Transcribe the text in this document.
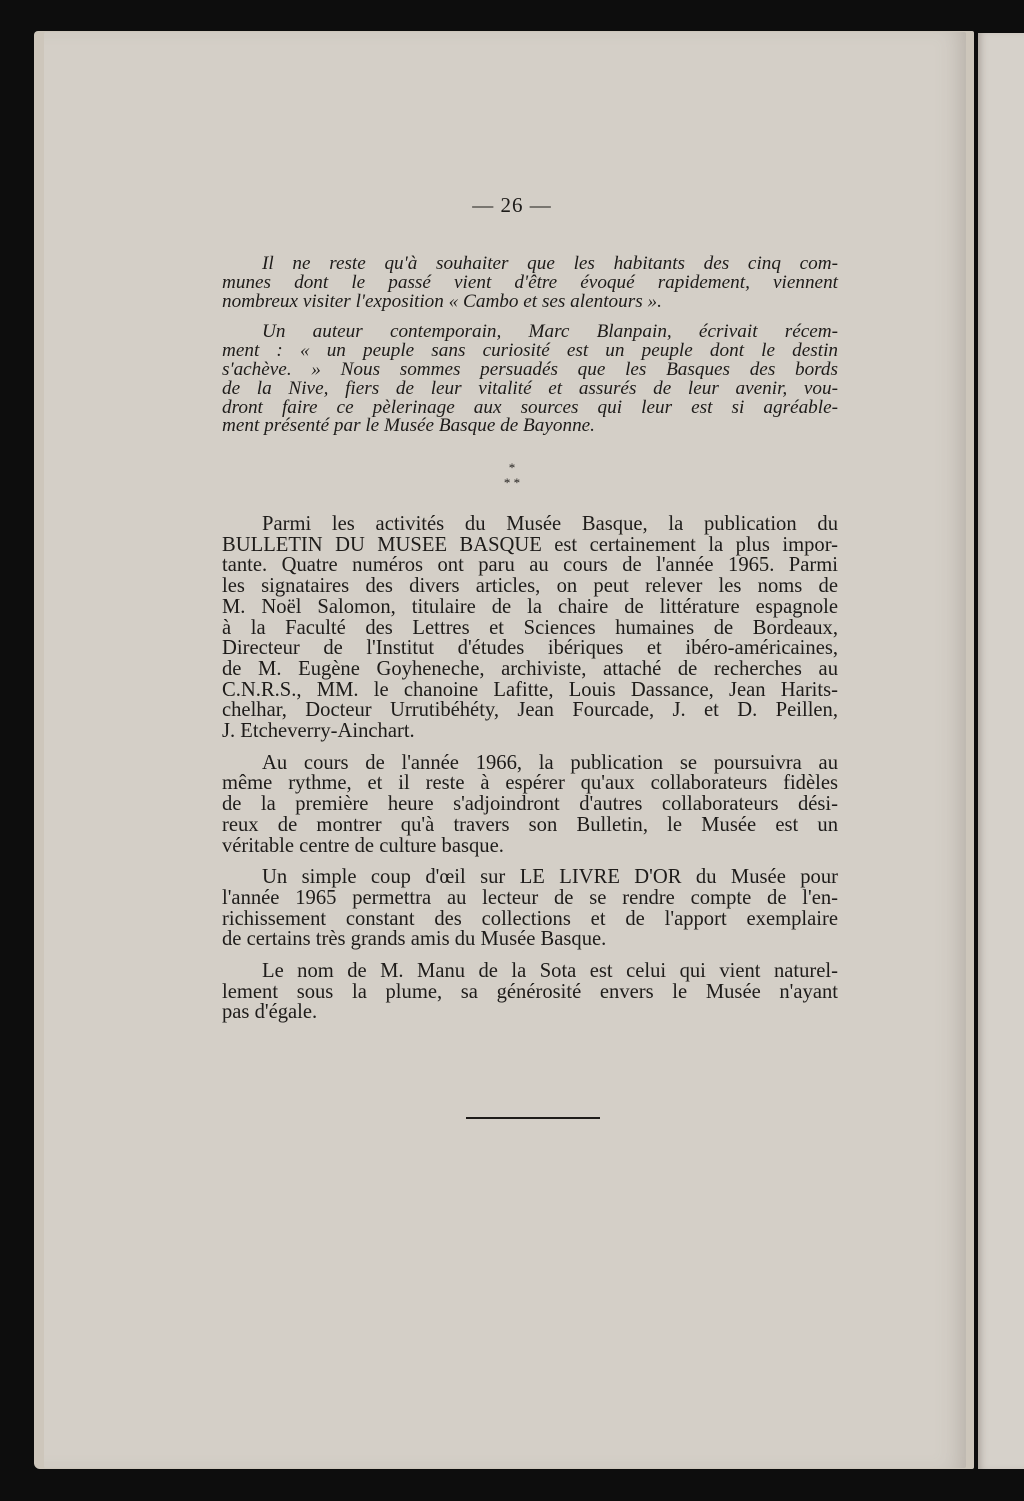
— 26 —
Il ne reste qu'à souhaiter que les habitants des cinq com-
munes dont le passé vient d'être évoqué rapidement, viennent
nombreux visiter l'exposition « Cambo et ses alentours ».
Un auteur contemporain, Marc Blanpain, écrivait récem-
ment : « un peuple sans curiosité est un peuple dont le destin
s'achève. » Nous sommes persuadés que les Basques des bords
de la Nive, fiers de leur vitalité et assurés de leur avenir, vou-
dront faire ce pèlerinage aux sources qui leur est si agréable-
ment présenté par le Musée Basque de Bayonne.
*
* *
Parmi les activités du Musée Basque, la publication du
BULLETIN DU MUSEE BASQUE est certainement la plus impor-
tante. Quatre numéros ont paru au cours de l'année 1965. Parmi
les signataires des divers articles, on peut relever les noms de
M. Noël Salomon, titulaire de la chaire de littérature espagnole
à la Faculté des Lettres et Sciences humaines de Bordeaux,
Directeur de l'Institut d'études ibériques et ibéro-américaines,
de M. Eugène Goyheneche, archiviste, attaché de recherches au
C.N.R.S., MM. le chanoine Lafitte, Louis Dassance, Jean Harits-
chelhar, Docteur Urrutibéhéty, Jean Fourcade, J. et D. Peillen,
J. Etcheverry-Ainchart.
Au cours de l'année 1966, la publication se poursuivra au
même rythme, et il reste à espérer qu'aux collaborateurs fidèles
de la première heure s'adjoindront d'autres collaborateurs dési-
reux de montrer qu'à travers son Bulletin, le Musée est un
véritable centre de culture basque.
Un simple coup d'œil sur LE LIVRE D'OR du Musée pour
l'année 1965 permettra au lecteur de se rendre compte de l'en-
richissement constant des collections et de l'apport exemplaire
de certains très grands amis du Musée Basque.
Le nom de M. Manu de la Sota est celui qui vient naturel-
lement sous la plume, sa générosité envers le Musée n'ayant
pas d'égale.
